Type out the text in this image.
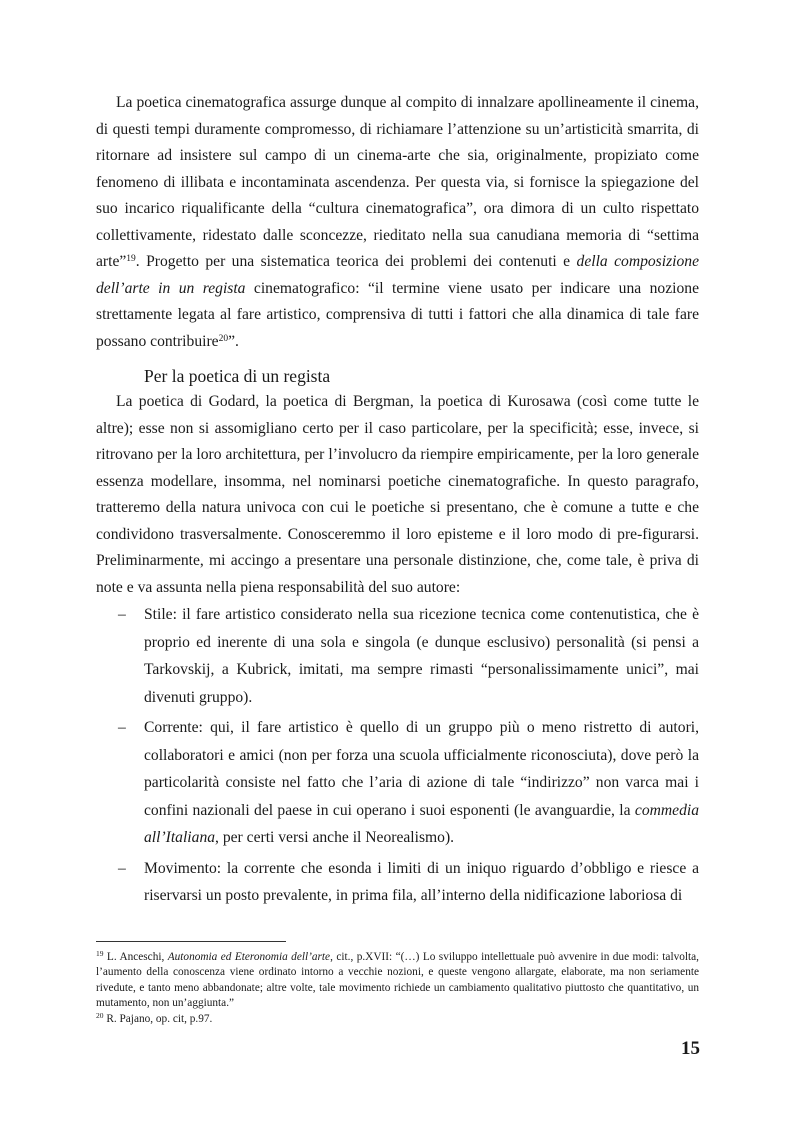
La poetica cinematografica assurge dunque al compito di innalzare apollineamente il cinema, di questi tempi duramente compromesso, di richiamare l’attenzione su un’artisticità smarrita, di ritornare ad insistere sul campo di un cinema-arte che sia, originalmente, propiziato come fenomeno di illibata e incontaminata ascendenza. Per questa via, si fornisce la spiegazione del suo incarico riqualificante della “cultura cinematografica”, ora dimora di un culto rispettato collettivamente, ridestato dalle sconcezze, rieditato nella sua canudiana memoria di “settima arte”$^{19}$. Progetto per una sistematica teorica dei problemi dei contenuti e della composizione dell’arte in un regista cinematografico: “il termine viene usato per indicare una nozione strettamente legata al fare artistico, comprensiva di tutti i fattori che alla dinamica di tale fare possano contribuire$^{20}$”.

Per la poetica di un regista

La poetica di Godard, la poetica di Bergman, la poetica di Kurosawa (così come tutte le altre); esse non si assomigliano certo per il caso particolare, per la specificità; esse, invece, si ritrovano per la loro architettura, per l’involucro da riempire empiricamente, per la loro generale essenza modellare, insomma, nel nominarsi poetiche cinematografiche. In questo paragrafo, tratteremo della natura univoca con cui le poetiche si presentano, che è comune a tutte e che condividono trasversalmente. Conosceremmo il loro episteme e il loro modo di pre-figurarsi. Preliminarmente, mi accingo a presentare una personale distinzione, che, come tale, è priva di note e va assunta nella piena responsabilità del suo autore:

– Stile: il fare artistico considerato nella sua ricezione tecnica come contenutistica, che è proprio ed inerente di una sola e singola (e dunque esclusivo) personalità (si pensi a Tarkovskij, a Kubrick, imitati, ma sempre rimasti “personalissimamente unici”, mai divenuti gruppo).
– Corrente: qui, il fare artistico è quello di un gruppo più o meno ristretto di autori, collaboratori e amici (non per forza una scuola ufficialmente riconosciuta), dove però la particolarità consiste nel fatto che l’aria di azione di tale “indirizzo” non varca mai i confini nazionali del paese in cui operano i suoi esponenti (le avanguardie, la commedia all’Italiana, per certi versi anche il Neorealismo).
– Movimento: la corrente che esonda i limiti di un iniquo riguardo d’obbligo e riesce a riservarsi un posto prevalente, in prima fila, all’interno della nidificazione laboriosa di

$^{19}$ L. Anceschi, Autonomia ed Eteronomia dell’arte, cit., p.XVII: “(…) Lo sviluppo intellettuale può avvenire in due modi: talvolta, l’aumento della conoscenza viene ordinato intorno a vecchie nozioni, e queste vengono allargate, elaborate, ma non seriamente rivedute, e tanto meno abbandonate; altre volte, tale movimento richiede un cambiamento qualitativo piuttosto che quantitativo, un mutamento, non un’aggiunta.”

$^{20}$ R. Pajano, op. cit, p.97.

15
